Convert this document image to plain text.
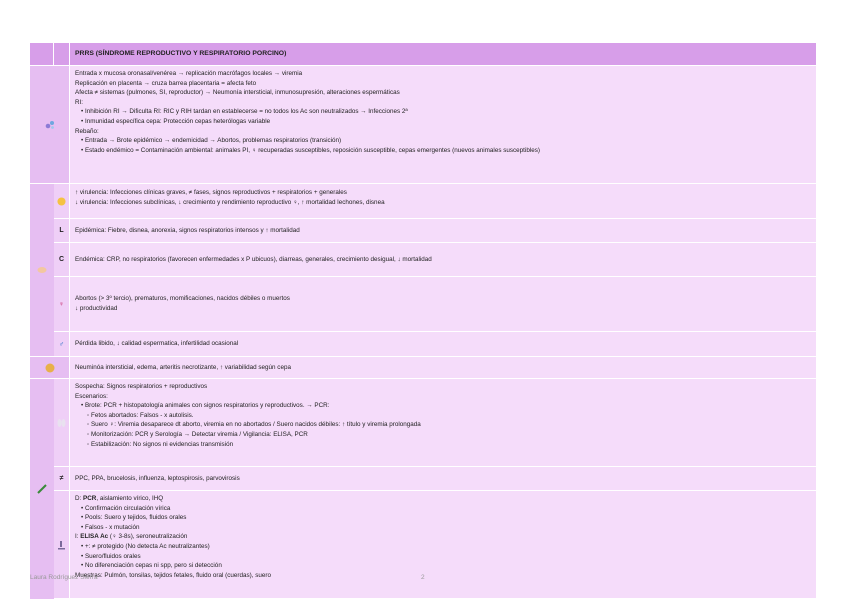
PRRS (SÍNDROME REPRODUCTIVO Y RESPIRATORIO PORCINO)
Entrada x mucosa oronasal/venérea → replicación macrófagos locales → viremia
Replicación en placenta → cruza barrea placentaria = afecta feto
Afecta ≠ sistemas (pulmones, SI, reproductor) → Neumonía intersticial, inmunosupresión, alteraciones espermáticas
RI:
• Inhibición RI → Dificulta RI: RIC y RIH tardan en establecerse = no todos los Ac son neutralizados → Infecciones 2ª
• Inmunidad específica cepa: Protección cepas heterólogas variable
Rebaño:
• Entrada → Brote epidémico → endemicidad → Abortos, problemas respiratorios (transición)
• Estado endémico = Contaminación ambiental: animales PI, ♀ recuperadas susceptibles, reposición susceptible, cepas emergentes (nuevos animales susceptibles)
↑ virulencia: Infecciones clínicas graves, ≠ fases, signos reproductivos + respiratorios + generales
↓ virulencia: Infecciones subclínicas, ↓ crecimiento y rendimiento reproductivo ♀, ↑ mortalidad lechones, disnea
L	Epidémica: Fiebre, disnea, anorexia, signos respiratorios intensos y ↑ mortalidad
C	Endémica: CRP, no respiratorios (favorecen enfermedades x P ubicuos), diarreas, generales, crecimiento desigual, ↓ mortalidad
♀
Abortos (> 3º tercio), prematuros, momificaciones, nacidos débiles o muertos
↓ productividad
♂	Pérdida libido, ↓ calidad espermatica, infertilidad ocasional
Neuminóa intersticial, edema, arteritis necrotizante, ↑ variabilidad según cepa
Sospecha: Signos respiratorios + reproductivos
Escenarios:
• Brote: PCR + histopatología animales con signos respiratorios y reproductivos. → PCR:
◦ Fetos abortados: Falsos - x autolisis.
◦ Suero ♀: Viremia desaparece dt aborto, viremia en no abortados / Suero nacidos débiles: ↑ título y viremia prolongada
◦ Monitorización: PCR y Serología → Detectar viremia / Vigilancia: ELISA, PCR
◦ Estabilización: No signos ni evidencias transmisión
≠	PPC, PPA, brucelosis, influenza, leptospirosis, parvovirosis
D: PCR, aislamiento vírico, IHQ
• Confirmación circulación vírica
• Pools: Suero y tejidos, fluidos orales
• Falsos - x mutación
I: ELISA Ac (♀ 3-8s), seroneutralización
• +: ≠ protegido (No detecta Ac neutralizantes)
• Suero/fluidos orales
• No diferenciación cepas ni spp, pero si detección
Muestras: Pulmón, tonsilas, tejidos fetales, fluido oral (cuerdas), suero
Laura Rodríguez Sierra	2
